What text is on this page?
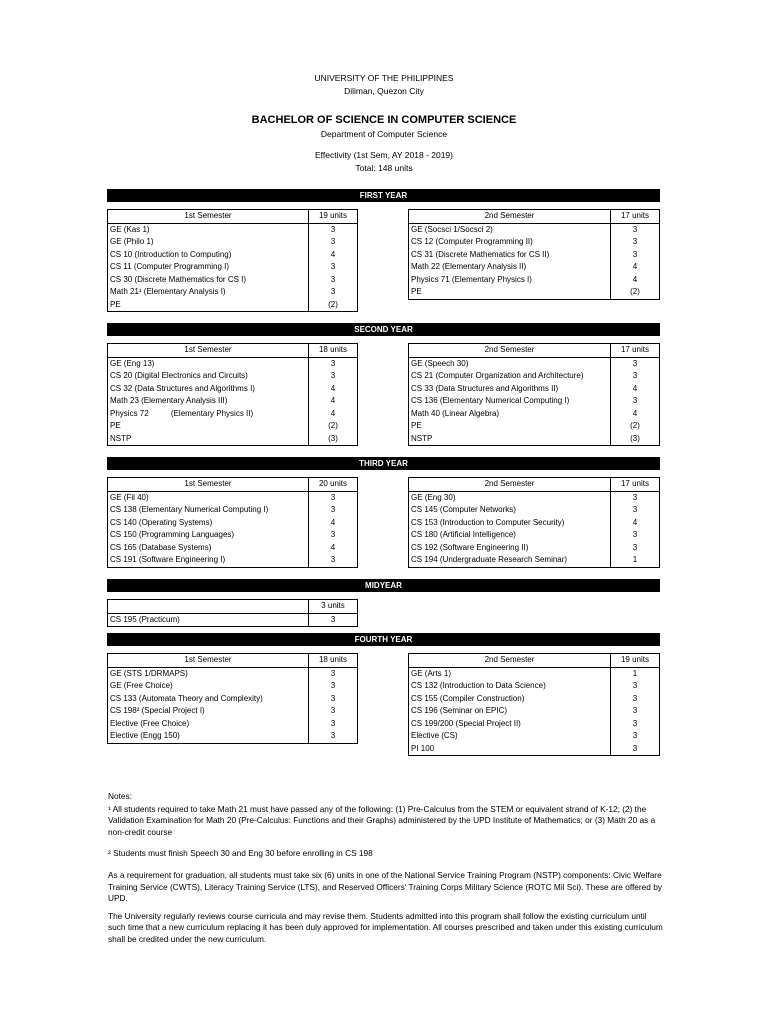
UNIVERSITY OF THE PHILIPPINES
Diliman, Quezon City
BACHELOR OF SCIENCE IN COMPUTER SCIENCE
Department of Computer Science
Effectivity (1st Sem, AY 2018 - 2019)
Total: 148 units
FIRST YEAR
SECOND YEAR
THIRD YEAR
MIDYEAR
FOURTH YEAR
1st Semester	19 units
GE (Kas 1)	3
GE (Philo 1)	3
CS 10 (Introduction to Computing)	4
CS 11 (Computer Programming I)	3
CS 30 (Discrete Mathematics for CS I)	3
Math 21¹ (Elementary Analysis I)	3
PE	(2)
2nd Semester	17 units
GE (Socsci 1/Socsci 2)	3
CS 12 (Computer Programming II)	3
CS 31 (Discrete Mathematics for CS II)	3
Math 22 (Elementary Analysis II)	4
Physics 71 (Elementary Physics I)	4
PE	(2)
1st Semester	18 units
GE (Eng 13)	3
CS 20 (Digital Electronics and Circuits)	3
CS 32 (Data Structures and Algorithms I)	4
Math 23 (Elementary Analysis III)	4
Physics 72          (Elementary Physics II)	4
PE	(2)
NSTP	(3)
2nd Semester	17 units
GE (Speech 30)	3
CS 21 (Computer Organization and Architecture)	3
CS 33 (Data Structures and Algorithms II)	4
CS 136 (Elementary Numerical Computing I)	3
Math 40 (Linear Algebra)	4
PE	(2)
NSTP	(3)
1st Semester	20 units
GE (Fil 40)	3
CS 138 (Elementary Numerical Computing I)	3
CS 140 (Operating Systems)	4
CS 150 (Programming Languages)	3
CS 165 (Database Systems)	4
CS 191 (Software Engineering I)	3
2nd Semester	17 units
GE (Eng 30)	3
CS 145 (Computer Networks)	3
CS 153 (Introduction to Computer Security)	4
CS 180 (Artificial Intelligence)	3
CS 192 (Software Engineering II)	3
CS 194 (Undergraduate Research Seminar)	1
	3 units
CS 195 (Practicum)	3
1st Semester	18 units
GE (STS 1/DRMAPS)	3
GE (Free Choice)	3
CS 133 (Automata Theory and Complexity)	3
CS 198² (Special Project I)	3
Elective (Free Choice)	3
Elective (Engg 150)	3
2nd Semester	19 units
GE (Arts 1)	1
CS 132 (Introduction to Data Science)	3
CS 155 (Compiler Construction)	3
CS 196 (Seminar on EPIC)	3
CS 199/200 (Special Project II)	3
Elective (CS)	3
PI 100	3

Notes:

¹ All students required to take Math 21 must have passed any of the following: (1) Pre-Calculus from the STEM or equivalent strand of K-12; (2) the Validation Examination for Math 20 (Pre-Calculus: Functions and their Graphs) administered by the UPD Institute of Mathematics; or (3) Math 20 as a non-credit course

² Students must finish Speech 30 and Eng 30 before enrolling in CS 198

As a requirement for graduation, all students must take six (6) units in one of the National Service Training Program (NSTP) components: Civic Welfare Training Service (CWTS), Literacy Training Service (LTS), and Reserved Officers' Training Corps Military Science (ROTC Mil Sci). These are offered by UPD.

The University regularly reviews course curricula and may revise them. Students admitted into this program shall follow the existing curriculum until such time that a new curriculum replacing it has been duly approved for implementation. All courses prescribed and taken under this existing curriculum shall be credited under the new curriculum.
